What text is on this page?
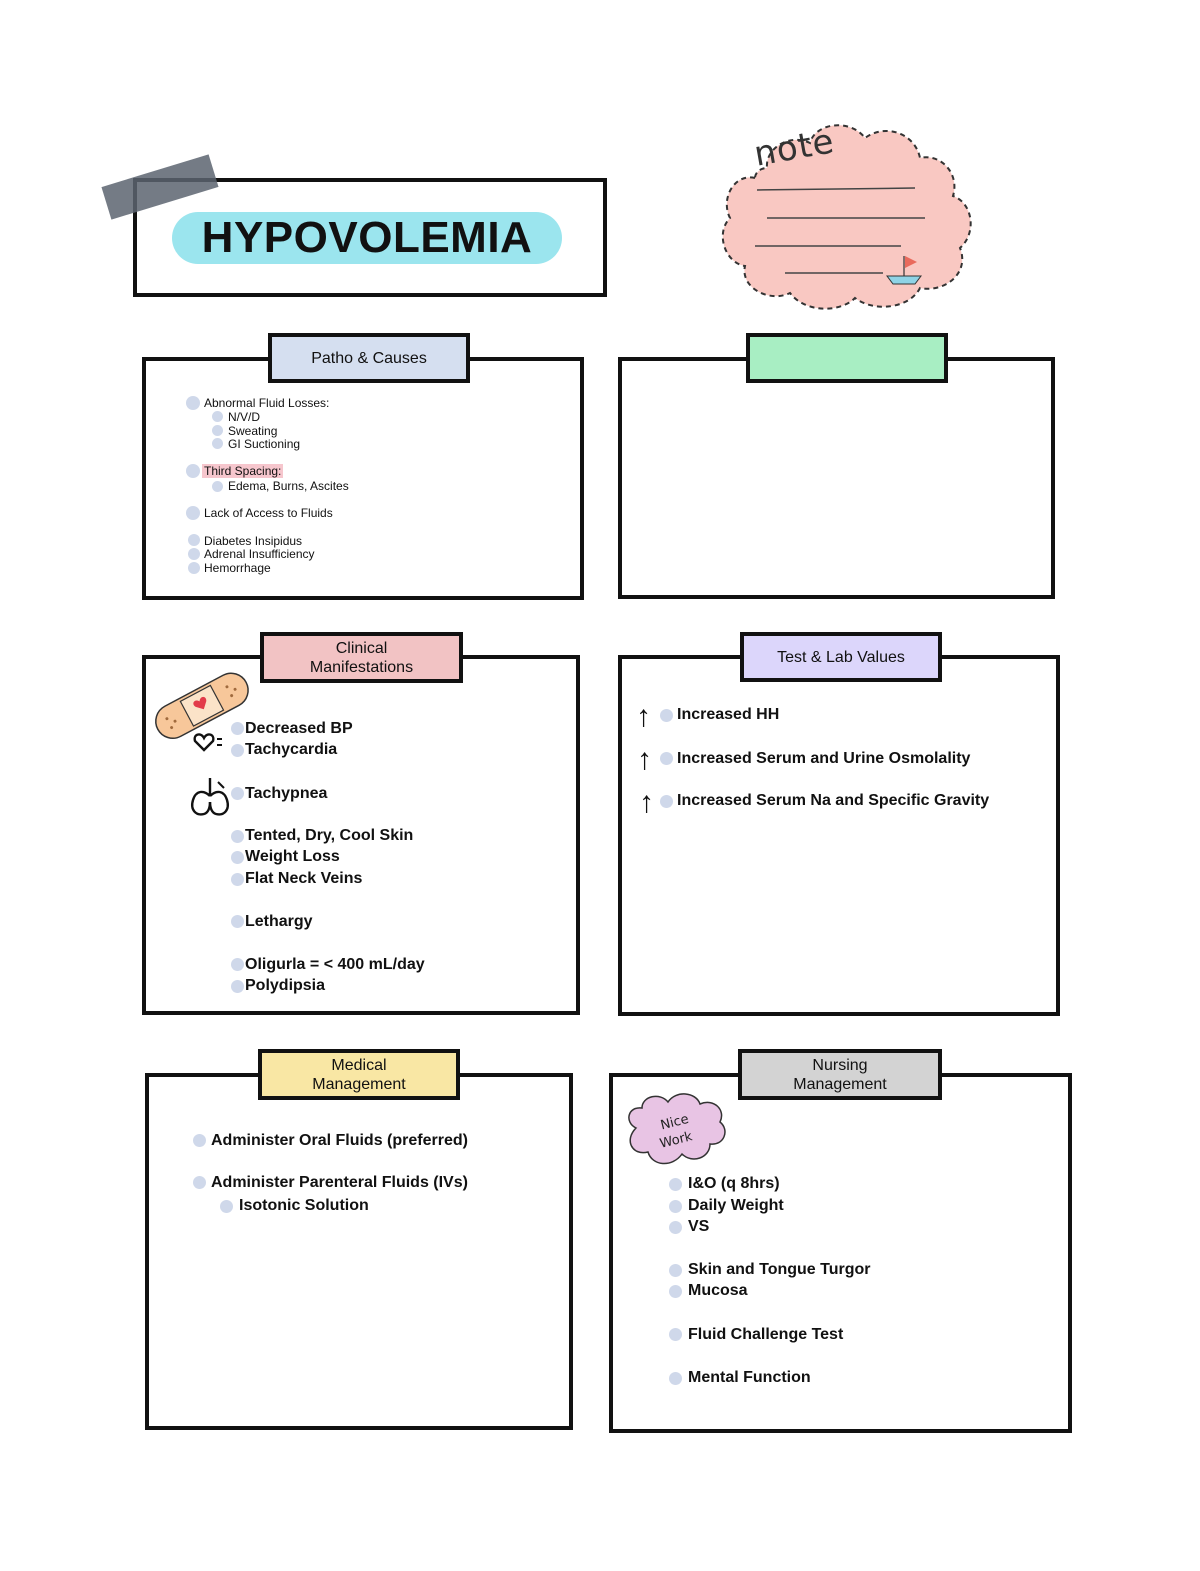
HYPOVOLEMIA
note
Patho & Causes
Abnormal Fluid Losses:
N/V/D
Sweating
GI Suctioning
Third Spacing:
Edema, Burns, Ascites
Lack of Access to Fluids
Diabetes Insipidus
Adrenal Insufficiency
Hemorrhage
Clinical
Manifestations
Decreased BP
Tachycardia
Tachypnea
Tented, Dry, Cool Skin
Weight Loss
Flat Neck Veins
Lethargy
Oligurla = < 400 mL/day
Polydipsia
Test & Lab Values
↑ Increased HH
↑ Increased Serum and Urine Osmolality
↑ Increased Serum Na and Specific Gravity
Medical
Management
Administer Oral Fluids (preferred)
Administer Parenteral Fluids (IVs)
Isotonic Solution
Nursing
Management
Nice
Work
I&O (q 8hrs)
Daily Weight
VS
Skin and Tongue Turgor
Mucosa
Fluid Challenge Test
Mental Function
